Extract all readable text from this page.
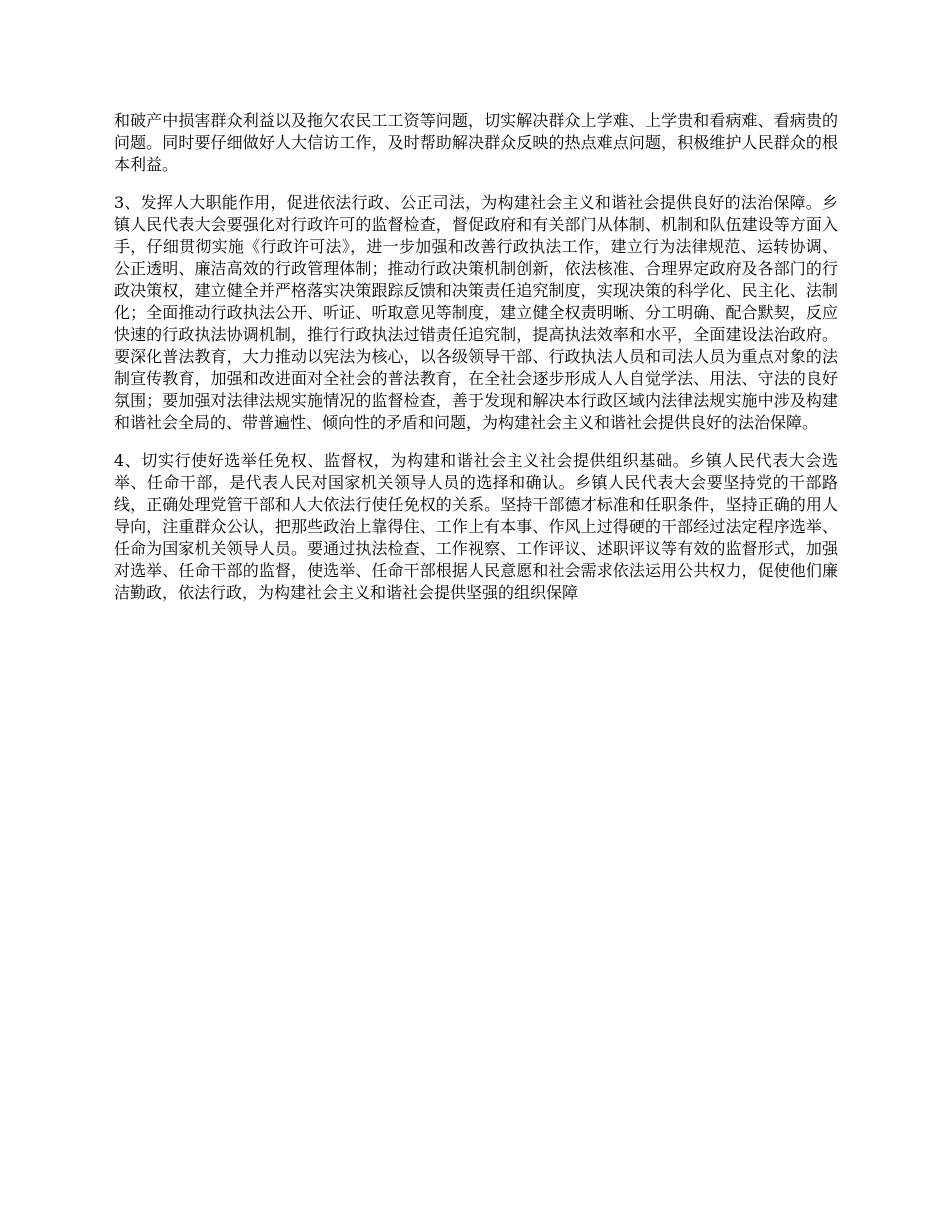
和破产中损害群众利益以及拖欠农民工工资等问题，切实解决群众上学难、上学贵和看病难、看病贵的问题。同时要仔细做好人大信访工作，及时帮助解决群众反映的热点难点问题，积极维护人民群众的根本利益。

3、发挥人大职能作用，促进依法行政、公正司法，为构建社会主义和谐社会提供良好的法治保障。乡镇人民代表大会要强化对行政许可的监督检查，督促政府和有关部门从体制、机制和队伍建设等方面入手，仔细贯彻实施《行政许可法》，进一步加强和改善行政执法工作，建立行为法律规范、运转协调、公正透明、廉洁高效的行政管理体制；推动行政决策机制创新，依法核准、合理界定政府及各部门的行政决策权，建立健全并严格落实决策跟踪反馈和决策责任追究制度，实现决策的科学化、民主化、法制化；全面推动行政执法公开、听证、听取意见等制度，建立健全权责明晰、分工明确、配合默契，反应快速的行政执法协调机制，推行行政执法过错责任追究制，提高执法效率和水平，全面建设法治政府。要深化普法教育，大力推动以宪法为核心，以各级领导干部、行政执法人员和司法人员为重点对象的法制宣传教育，加强和改进面对全社会的普法教育，在全社会逐步形成人人自觉学法、用法、守法的良好氛围；要加强对法律法规实施情况的监督检查，善于发现和解决本行政区域内法律法规实施中涉及构建和谐社会全局的、带普遍性、倾向性的矛盾和问题，为构建社会主义和谐社会提供良好的法治保障。

4、切实行使好选举任免权、监督权，为构建和谐社会主义社会提供组织基础。乡镇人民代表大会选举、任命干部，是代表人民对国家机关领导人员的选择和确认。乡镇人民代表大会要坚持党的干部路线，正确处理党管干部和人大依法行使任免权的关系。坚持干部德才标准和任职条件，坚持正确的用人导向，注重群众公认，把那些政治上靠得住、工作上有本事、作风上过得硬的干部经过法定程序选举、任命为国家机关领导人员。要通过执法检查、工作视察、工作评议、述职评议等有效的监督形式，加强对选举、任命干部的监督，使选举、任命干部根据人民意愿和社会需求依法运用公共权力，促使他们廉洁勤政，依法行政，为构建社会主义和谐社会提供坚强的组织保障
